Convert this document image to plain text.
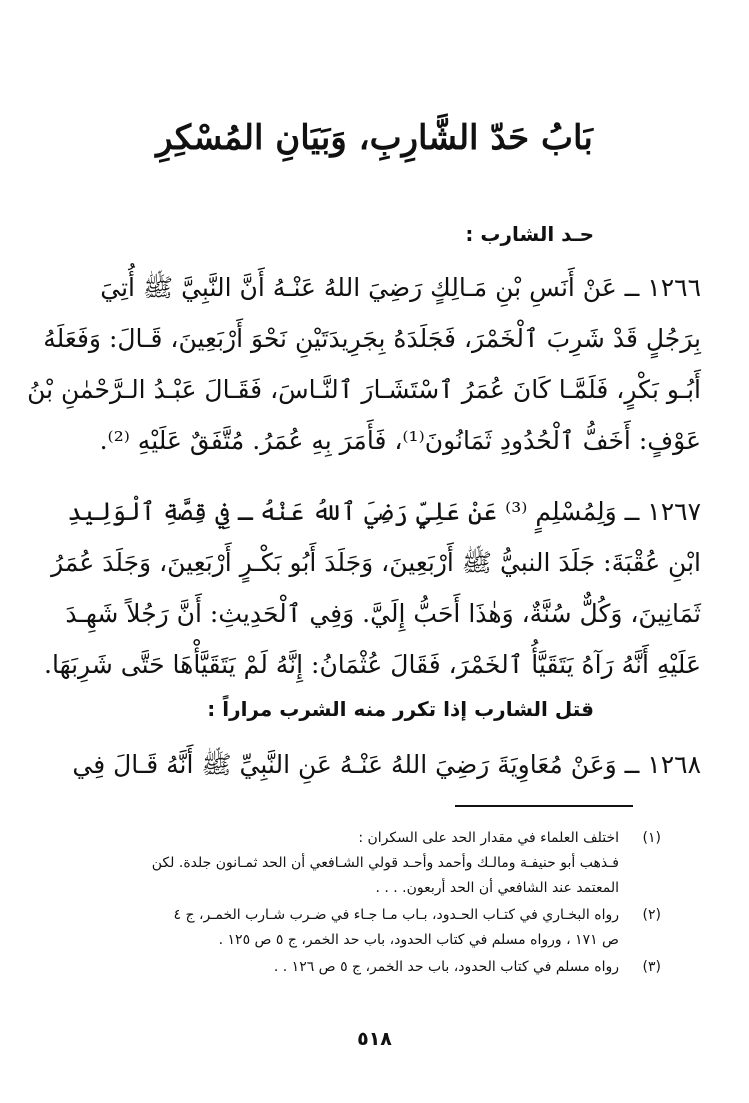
بَابُ حَدّ الشَّارِبِ، وَبَيَانِ المُسْكِرِ
حـد الشارب :

١٢٦٦ ــ عَنْ أَنَسِ بْنِ مَـالِكٍ رَضِيَ اللهُ عَنْـهُ أَنَّ النَّبِيَّ ﷺ أُتِيَ

بِرَجُلٍ قَدْ شَرِبَ ٱلْخَمْرَ، فَجَلَدَهُ بِجَرِيدَتَيْنِ نَحْوَ أَرْبَعِينَ، قَـالَ: وَفَعَلَهُ

أَبُـو بَكْرٍ، فَلَمَّـا كَانَ عُمَرُ ٱسْتَشَـارَ ٱلنَّـاسَ، فَقَـالَ عَبْـدُ الـرَّحْمٰنِ بْنُ

عَوْفٍ: أَخَفُّ ٱلْحُدُودِ ثَمَانُونَ⁽¹⁾، فَأَمَرَ بِهِ عُمَرُ. مُتَّفَقٌ عَلَيْهِ ⁽²⁾.

١٢٦٧ ــ وَلِمُسْلِمٍ ⁽³⁾ عَنْ عَلِيٍّ رَضِيَ ٱللهُ عَنْهُ ـ فِي قِصَّةِ ٱلْوَلِيدِ

ابْنِ عُقْبَةَ: جَلَدَ النبيُّ ﷺ أَرْبَعِينَ، وَجَلَدَ أَبُو بَكْـرٍ أَرْبَعِينَ، وَجَلَدَ عُمَرُ

ثَمَانِينَ، وَكُلٌّ سُنَّةٌ، وَهٰذَا أَحَبُّ إِلَيَّ. وَفِي ٱلْحَدِيثِ: أَنَّ رَجُلاً شَهِـدَ

عَلَيْهِ أَنَّهُ رَآهُ يَتَقَيَّأُ ٱلخَمْرَ، فَقَالَ عُثْمَانُ: إِنَّهُ لَمْ يَتَقَيَّأْهَا حَتَّى شَرِبَهَا.

قتل الشارب إذا تكرر منه الشرب مراراً :

١٢٦٨ ــ وَعَنْ مُعَاوِيَةَ رَضِيَ اللهُ عَنْـهُ عَنِ النَّبِيِّ ﷺ أَنَّهُ قَـالَ فِي

(١)
اختلف العلماء في مقدار الحد على السكران :
فـذهب أبو حنيفـة ومالـك وأحمد وأحـد قولي الشـافعي أن الحد ثمـانون جلدة. لكن
المعتمد عند الشافعي أن الحد أربعون. . . .
(٢)
رواه البخـاري في كتـاب الحـدود، بـاب مـا جـاء في ضـرب شـارب الخمـر، ج ٤
ص ١٧١ ، ورواه مسلم في كتاب الحدود، باب حد الخمر، ج ٥ ص ١٢٥ .
(٣)
رواه مسلم في كتاب الحدود، باب حد الخمر، ج ٥ ص ١٢٦ . .
٥١٨
